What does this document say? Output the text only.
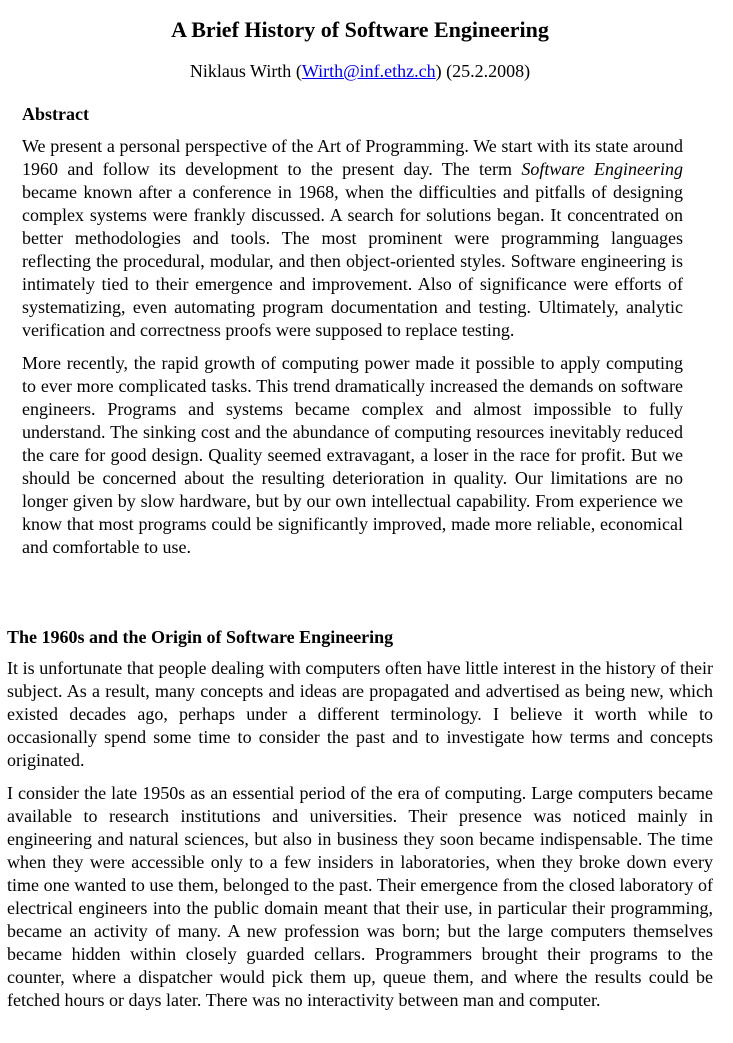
A Brief History of Software Engineering
Niklaus Wirth (Wirth@inf.ethz.ch) (25.2.2008)
Abstract

We present a personal perspective of the Art of Programming. We start with its state around 1960 and follow its development to the present day. The term Software Engineering became known after a conference in 1968, when the difficulties and pitfalls of designing complex systems were frankly discussed. A search for solutions began. It concentrated on better methodologies and tools. The most prominent were programming languages reflecting the procedural, modular, and then object-oriented styles. Software engineering is intimately tied to their emergence and improvement. Also of significance were efforts of systematizing, even automating program documentation and testing. Ultimately, analytic verification and correctness proofs were supposed to replace testing.

More recently, the rapid growth of computing power made it possible to apply computing to ever more complicated tasks. This trend dramatically increased the demands on software engineers. Programs and systems became complex and almost impossible to fully understand. The sinking cost and the abundance of computing resources inevitably reduced the care for good design. Quality seemed extravagant, a loser in the race for profit. But we should be concerned about the resulting deterioration in quality. Our limitations are no longer given by slow hardware, but by our own intellectual capability. From experience we know that most programs could be significantly improved, made more reliable, economical and comfortable to use.

The 1960s and the Origin of Software Engineering

It is unfortunate that people dealing with computers often have little interest in the history of their subject. As a result, many concepts and ideas are propagated and advertised as being new, which existed decades ago, perhaps under a different terminology. I believe it worth while to occasionally spend some time to consider the past and to investigate how terms and concepts originated.

I consider the late 1950s as an essential period of the era of computing. Large computers became available to research institutions and universities. Their presence was noticed mainly in engineering and natural sciences, but also in business they soon became indispensable. The time when they were accessible only to a few insiders in laboratories, when they broke down every time one wanted to use them, belonged to the past. Their emergence from the closed laboratory of electrical engineers into the public domain meant that their use, in particular their programming, became an activity of many. A new profession was born; but the large computers themselves became hidden within closely guarded cellars. Programmers brought their programs to the counter, where a dispatcher would pick them up, queue them, and where the results could be fetched hours or days later. There was no interactivity between man and computer.
